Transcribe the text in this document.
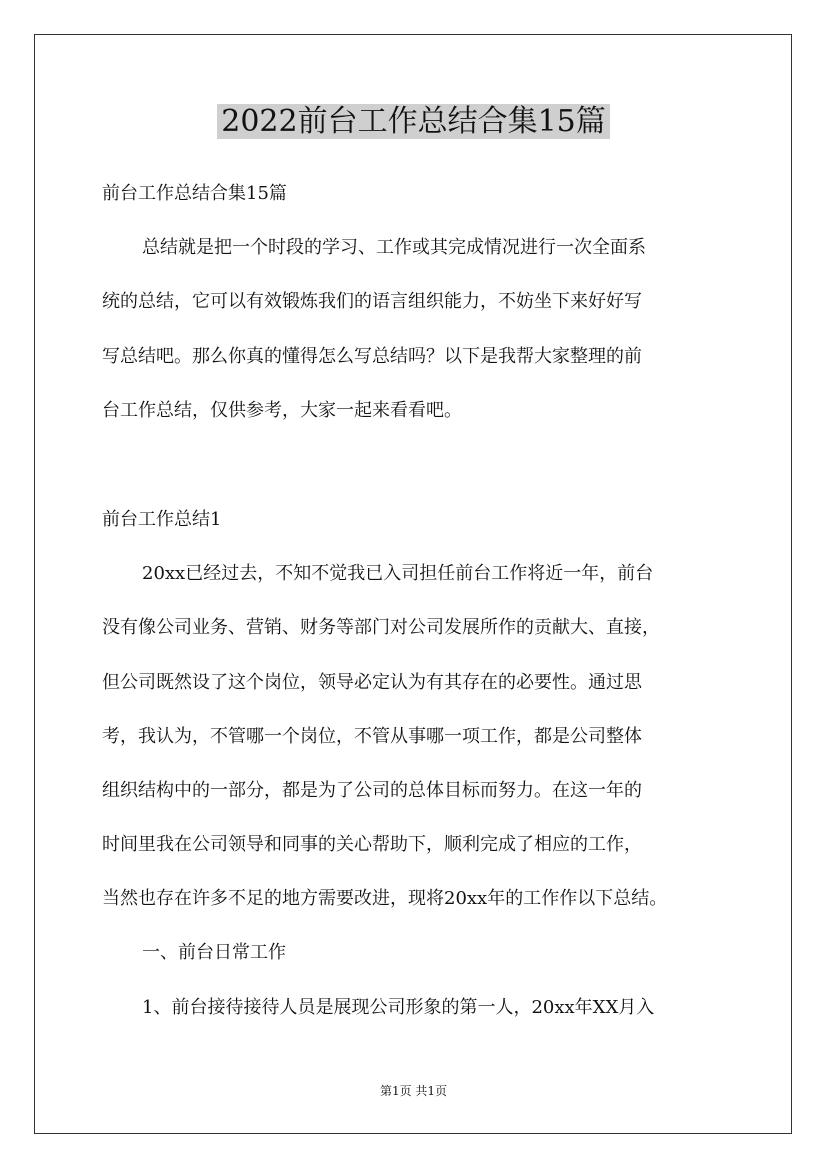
2022前台工作总结合集15篇
前台工作总结合集15篇
总结就是把一个时段的学习、工作或其完成情况进行一次全面系
统的总结，它可以有效锻炼我们的语言组织能力，不妨坐下来好好写
写总结吧。那么你真的懂得怎么写总结吗？以下是我帮大家整理的前
台工作总结，仅供参考，大家一起来看看吧。
前台工作总结1
20xx已经过去，不知不觉我已入司担任前台工作将近一年，前台
没有像公司业务、营销、财务等部门对公司发展所作的贡献大、直接，
但公司既然设了这个岗位，领导必定认为有其存在的必要性。通过思
考，我认为，不管哪一个岗位，不管从事哪一项工作，都是公司整体
组织结构中的一部分，都是为了公司的总体目标而努力。在这一年的
时间里我在公司领导和同事的关心帮助下，顺利完成了相应的工作，
当然也存在许多不足的地方需要改进，现将20xx年的工作作以下总结。
一、前台日常工作
1、前台接待接待人员是展现公司形象的第一人，20xx年XX月入
第1页 共1页
